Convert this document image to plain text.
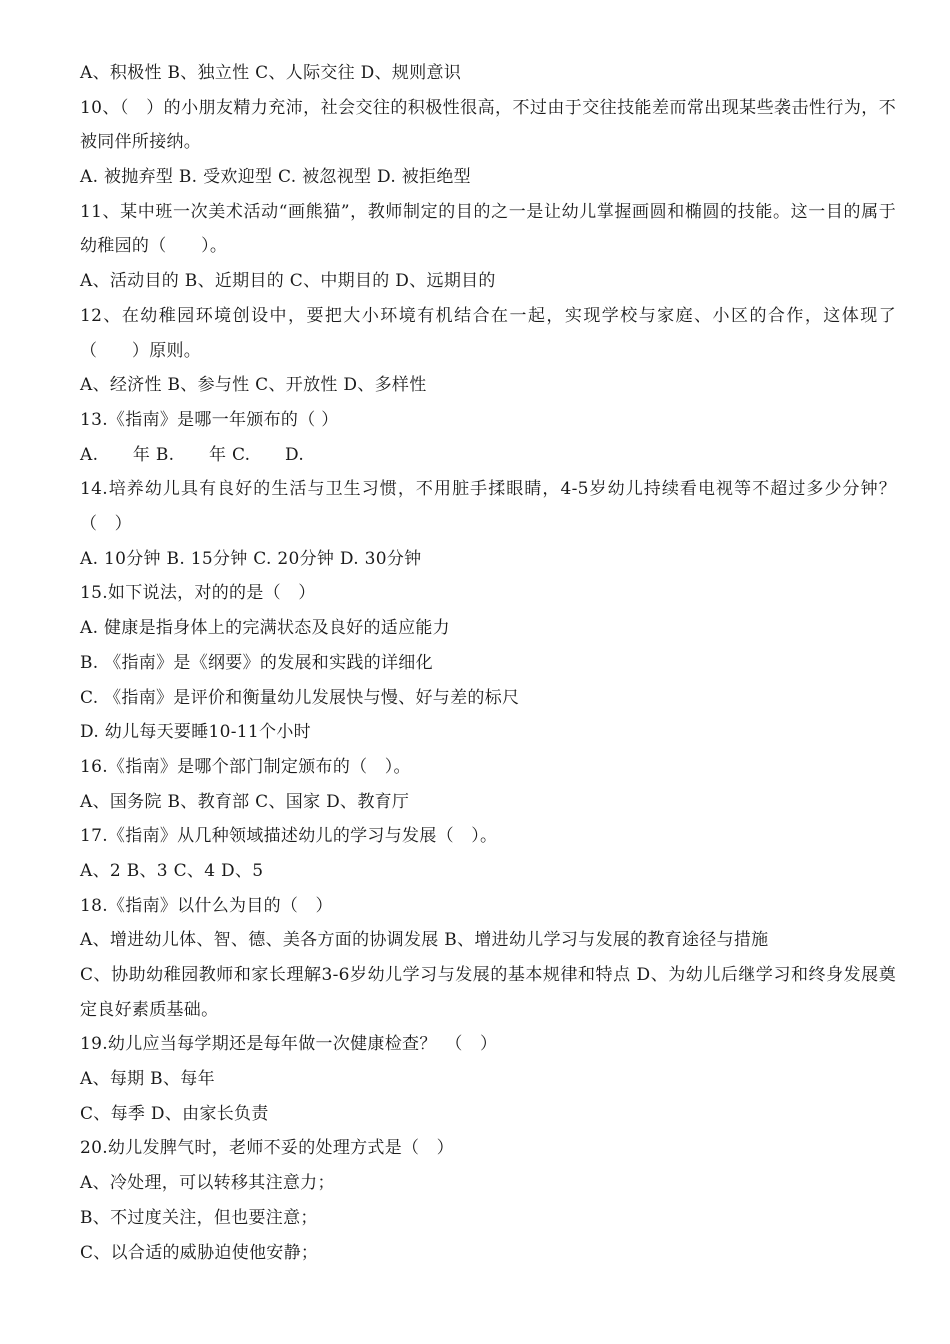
A、积极性 B、独立性 C、人际交往 D、规则意识
10、（　）的小朋友精力充沛，社会交往的积极性很高，不过由于交往技能差而常出现某些袭击性行为，不被同伴所接纳。
A. 被抛弃型 B. 受欢迎型 C. 被忽视型 D. 被拒绝型
11、某中班一次美术活动“画熊猫”，教师制定的目的之一是让幼儿掌握画圆和椭圆的技能。这一目的属于幼稚园的（　　）。
A、活动目的 B、近期目的 C、中期目的 D、远期目的
12、在幼稚园环境创设中，要把大小环境有机结合在一起，实现学校与家庭、小区的合作，这体现了（　　）原则。
A、经济性 B、参与性 C、开放性 D、多样性
13.《指南》是哪一年颁布的（ ）
A.　　年 B.　　年 C.　　D.
14.培养幼儿具有良好的生活与卫生习惯，不用脏手揉眼睛，4-5岁幼儿持续看电视等不超过多少分钟？（　）
A. 10分钟 B. 15分钟 C. 20分钟 D. 30分钟
15.如下说法，对的的是（　）
A. 健康是指身体上的完满状态及良好的适应能力
B. 《指南》是《纲要》的发展和实践的详细化
C. 《指南》是评价和衡量幼儿发展快与慢、好与差的标尺
D. 幼儿每天要睡10-11个小时
16.《指南》是哪个部门制定颁布的（　）。
A、国务院 B、教育部 C、国家 D、教育厅
17.《指南》从几种领域描述幼儿的学习与发展（　）。
A、2 B、3 C、4 D、5
18.《指南》以什么为目的（　）
A、增进幼儿体、智、德、美各方面的协调发展 B、增进幼儿学习与发展的教育途径与措施
C、协助幼稚园教师和家长理解3-6岁幼儿学习与发展的基本规律和特点 D、为幼儿后继学习和终身发展奠定良好素质基础。
19.幼儿应当每学期还是每年做一次健康检查？　（　）
A、每期 B、每年
C、每季 D、由家长负责
20.幼儿发脾气时，老师不妥的处理方式是（　）
A、冷处理，可以转移其注意力；
B、不过度关注，但也要注意；
C、以合适的威胁迫使他安静；
